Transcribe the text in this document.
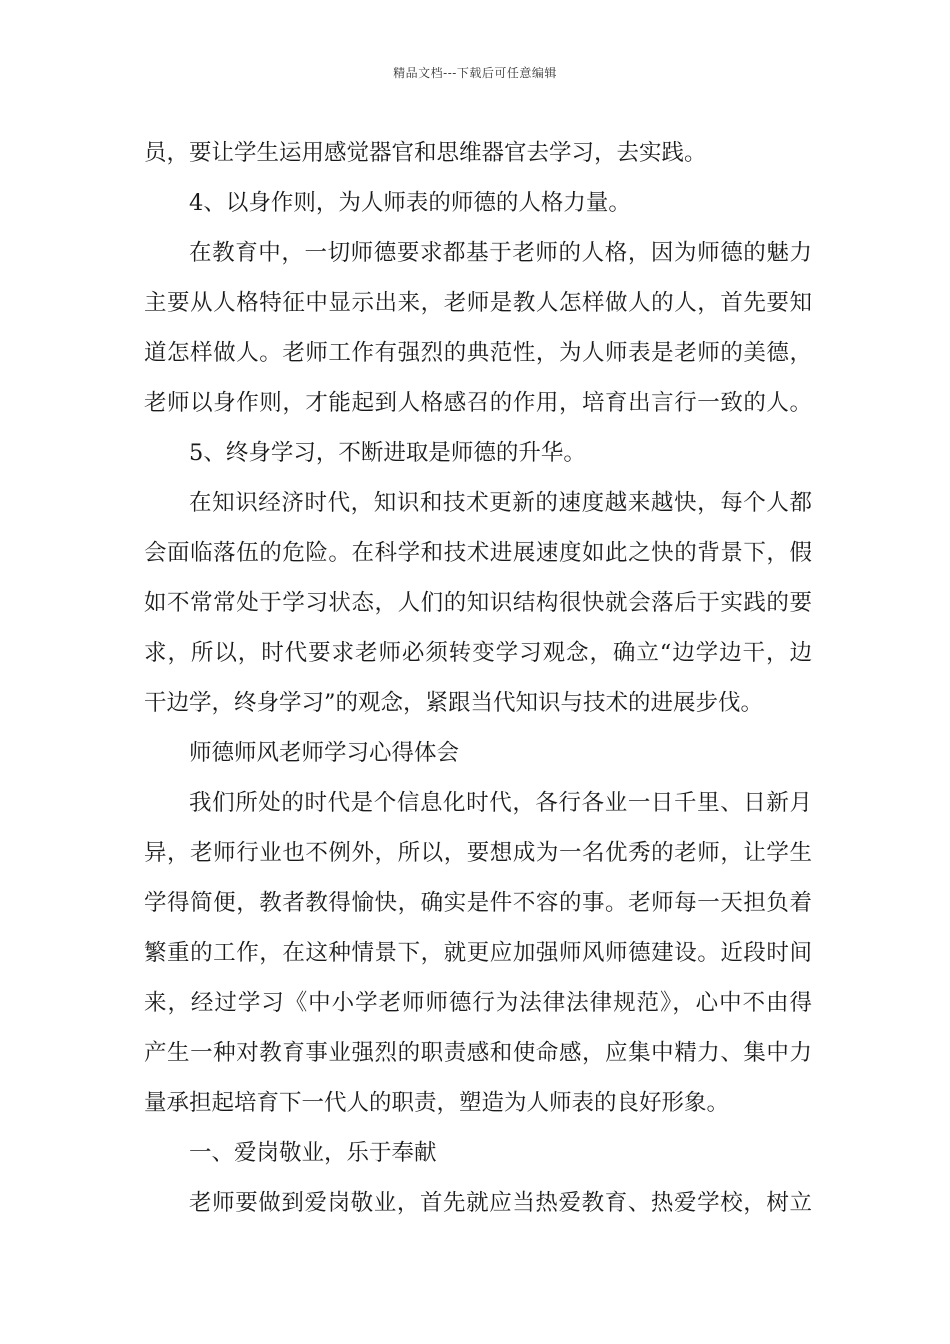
精品文档---下载后可任意编辑
员，要让学生运用感觉器官和思维器官去学习，去实践。
4、以身作则，为人师表的师德的人格力量。
在教育中，一切师德要求都基于老师的人格，因为师德的魅力
主要从人格特征中显示出来，老师是教人怎样做人的人，首先要知
道怎样做人。老师工作有强烈的典范性，为人师表是老师的美德，
老师以身作则，才能起到人格感召的作用，培育出言行一致的人。
5、终身学习，不断进取是师德的升华。
在知识经济时代，知识和技术更新的速度越来越快，每个人都
会面临落伍的危险。在科学和技术进展速度如此之快的背景下，假
如不常常处于学习状态，人们的知识结构很快就会落后于实践的要
求，所以，时代要求老师必须转变学习观念，确立“边学边干，边
干边学，终身学习”的观念，紧跟当代知识与技术的进展步伐。
师德师风老师学习心得体会
我们所处的时代是个信息化时代，各行各业一日千里、日新月
异，老师行业也不例外，所以，要想成为一名优秀的老师，让学生
学得简便，教者教得愉快，确实是件不容的事。老师每一天担负着
繁重的工作，在这种情景下，就更应加强师风师德建设。近段时间
来，经过学习《中小学老师师德行为法律法律规范》，心中不由得
产生一种对教育事业强烈的职责感和使命感，应集中精力、集中力
量承担起培育下一代人的职责，塑造为人师表的良好形象。
一、爱岗敬业，乐于奉献
老师要做到爱岗敬业，首先就应当热爱教育、热爱学校，树立
